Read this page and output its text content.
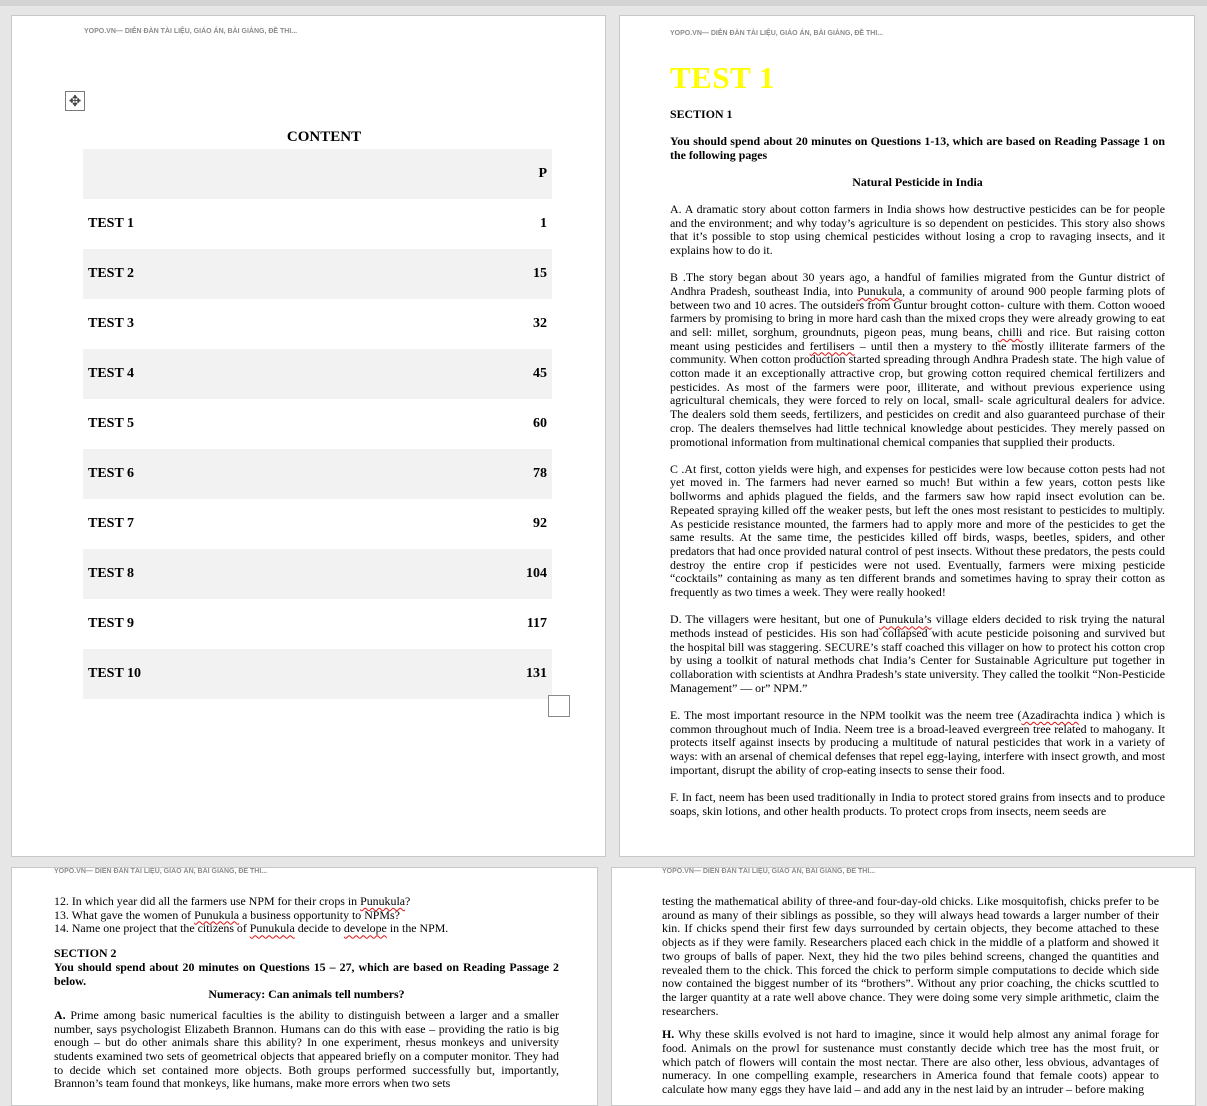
YOPO.VN— DIỄN ĐÀN TÀI LIỆU, GIÁO ÁN, BÀI GIẢNG, ĐỀ THI...
✥
CONTENT
	P
TEST 1	1
TEST 2	15
TEST 3	32
TEST 4	45
TEST 5	60
TEST 6	78
TEST 7	92
TEST 8	104
TEST 9	117
TEST 10	131
YOPO.VN— DIỄN ĐÀN TÀI LIỆU, GIÁO ÁN, BÀI GIẢNG, ĐỀ THI...
TEST 1

SECTION 1

You should spend about 20 minutes on Questions 1-13, which are based on Reading Passage 1 on the following pages

Natural Pesticide in India

A. A dramatic story about cotton farmers in India shows how destructive pesticides can be for people and the environment; and why today’s agriculture is so dependent on pesticides. This story also shows that it’s possible to stop using chemical pesticides without losing a crop to ravaging insects, and it explains how to do it.

B .The story began about 30 years ago, a handful of families migrated from the Guntur district of Andhra Pradesh, southeast India, into Punukula, a community of around 900 people farming plots of between two and 10 acres. The outsiders from Guntur brought cotton- culture with them. Cotton wooed farmers by promising to bring in more hard cash than the mixed crops they were already growing to eat and sell: millet, sorghum, groundnuts, pigeon peas, mung beans, chilli and rice. But raising cotton meant using pesticides and fertilisers – until then a mystery to the mostly illiterate farmers of the community. When cotton production started spreading through Andhra Pradesh state. The high value of cotton made it an exceptionally attractive crop, but growing cotton required chemical fertilizers and pesticides. As most of the farmers were poor, illiterate, and without previous experience using agricultural chemicals, they were forced to rely on local, small- scale agricultural dealers for advice. The dealers sold them seeds, fertilizers, and pesticides on credit and also guaranteed purchase of their crop. The dealers themselves had little technical knowledge about pesticides. They merely passed on promotional information from multinational chemical companies that supplied their products.

C .At first, cotton yields were high, and expenses for pesticides were low because cotton pests had not yet moved in. The farmers had never earned so much! But within a few years, cotton pests like bollworms and aphids plagued the fields, and the farmers saw how rapid insect evolution can be. Repeated spraying killed off the weaker pests, but left the ones most resistant to pesticides to multiply. As pesticide resistance mounted, the farmers had to apply more and more of the pesticides to get the same results. At the same time, the pesticides killed off birds, wasps, beetles, spiders, and other predators that had once provided natural control of pest insects. Without these predators, the pests could destroy the entire crop if pesticides were not used. Eventually, farmers were mixing pesticide “cocktails” containing as many as ten different brands and sometimes having to spray their cotton as frequently as two times a week. They were really hooked!

D. The villagers were hesitant, but one of Punukula’s village elders decided to risk trying the natural methods instead of pesticides. His son had collapsed with acute pesticide poisoning and survived but the hospital bill was staggering. SECURE’s staff coached this villager on how to protect his cotton crop by using a toolkit of natural methods chat India’s Center for Sustainable Agriculture put together in collaboration with scientists at Andhra Pradesh’s state university. They called the toolkit “Non-Pesticide Management” — or” NPM.”

E. The most important resource in the NPM toolkit was the neem tree (Azadirachta indica ) which is common throughout much of India. Neem tree is a broad-leaved evergreen tree related to mahogany. It protects itself against insects by producing a multitude of natural pesticides that work in a variety of ways: with an arsenal of chemical defenses that repel egg-laying, interfere with insect growth, and most important, disrupt the ability of crop-eating insects to sense their food.

F. In fact, neem has been used traditionally in India to protect stored grains from insects and to produce soaps, skin lotions, and other health products. To protect crops from insects, neem seeds are

YOPO.VN— DIỄN ĐÀN TÀI LIỆU, GIÁO ÁN, BÀI GIẢNG, ĐỀ THI...
12. In which year did all the farmers use NPM for their crops in Punukula?
13. What gave the women of Punukula a business opportunity to NPMs?
14. Name one project that the citizens of Punukula decide to develope in the NPM.
SECTION 2
You should spend about 20 minutes on Questions 15 – 27, which are based on Reading Passage 2 below.
Numeracy: Can animals tell numbers?

A. Prime among basic numerical faculties is the ability to distinguish between a larger and a smaller number, says psychologist Elizabeth Brannon. Humans can do this with ease – providing the ratio is big enough – but do other animals share this ability? In one experiment, rhesus monkeys and university students examined two sets of geometrical objects that appeared briefly on a computer monitor. They had to decide which set contained more objects. Both groups performed successfully but, importantly, Brannon’s team found that monkeys, like humans, make more errors when two sets

YOPO.VN— DIỄN ĐÀN TÀI LIỆU, GIÁO ÁN, BÀI GIẢNG, ĐỀ THI...

testing the mathematical ability of three-and four-day-old chicks. Like mosquitofish, chicks prefer to be around as many of their siblings as possible, so they will always head towards a larger number of their kin. If chicks spend their first few days surrounded by certain objects, they become attached to these objects as if they were family. Researchers placed each chick in the middle of a platform and showed it two groups of balls of paper. Next, they hid the two piles behind screens, changed the quantities and revealed them to the chick. This forced the chick to perform simple computations to decide which side now contained the biggest number of its “brothers”. Without any prior coaching, the chicks scuttled to the larger quantity at a rate well above chance. They were doing some very simple arithmetic, claim the researchers.

H. Why these skills evolved is not hard to imagine, since it would help almost any animal forage for food. Animals on the prowl for sustenance must constantly decide which tree has the most fruit, or which patch of flowers will contain the most nectar. There are also other, less obvious, advantages of numeracy. In one compelling example, researchers in America found that female coots) appear to calculate how many eggs they have laid – and add any in the nest laid by an intruder – before making
